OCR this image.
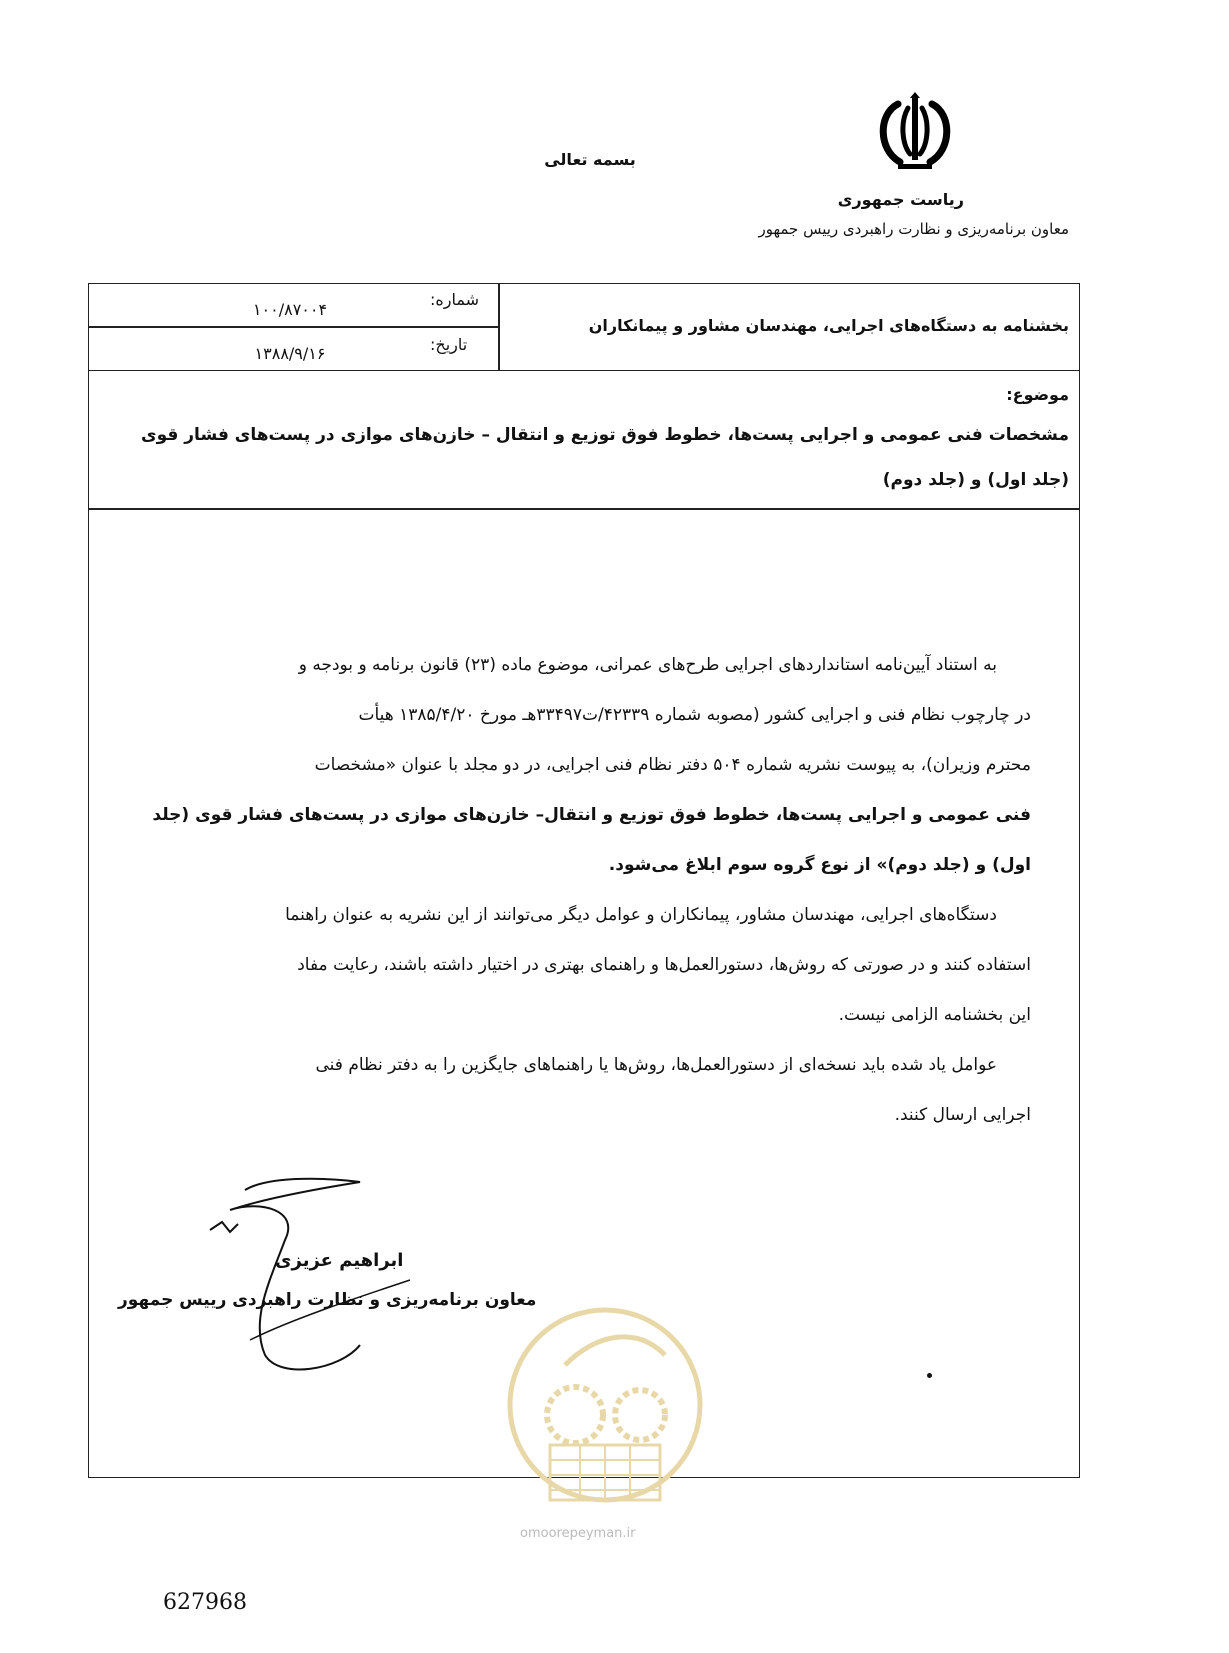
بسمه تعالی
ریاست جمهوری
معاون برنامه‌ریزی و نظارت راهبردی رییس جمهور
بخشنامه به دستگاه‌های اجرایی، مهندسان مشاور و پیمانکاران
شماره:
۱۰۰/۸۷۰۰۴
تاریخ:
۱۳۸۸/۹/۱۶
موضوع:
مشخصات فنی عمومی و اجرایی پست‌ها، خطوط فوق توزیع و انتقال – خازن‌های موازی در پست‌های فشار قوی
(جلد اول) و (جلد دوم)
به استناد آیین‌نامه استانداردهای اجرایی طرح‌های عمرانی، موضوع ماده (۲۳) قانون برنامه و بودجه و
در چارچوب نظام فنی و اجرایی کشور (مصوبه شماره ۴۲۳۳۹/ت۳۳۴۹۷هـ مورخ ۱۳۸۵/۴/۲۰ هیأت
محترم وزیران)، به پیوست نشریه شماره ۵۰۴ دفتر نظام فنی اجرایی، در دو مجلد با عنوان «مشخصات
فنی عمومی و اجرایی پست‌ها، خطوط فوق توزیع و انتقال– خازن‌های موازی در پست‌های فشار قوی (جلد
اول) و (جلد دوم)» از نوع گروه سوم ابلاغ می‌شود.
دستگاه‌های اجرایی، مهندسان مشاور، پیمانکاران و عوامل دیگر می‌توانند از این نشریه به عنوان راهنما
استفاده کنند و در صورتی که روش‌ها، دستورالعمل‌ها و راهنمای بهتری در اختیار داشته باشند، رعایت مفاد
این بخشنامه الزامی نیست.
عوامل یاد شده باید نسخه‌ای از دستورالعمل‌ها، روش‌ها یا راهنماهای جایگزین را به دفتر نظام فنی
اجرایی ارسال کنند.
ابراهیم عزیزی
معاون برنامه‌ریزی و نظارت راهبردی رییس جمهور
omoorepeyman.ir
627968
